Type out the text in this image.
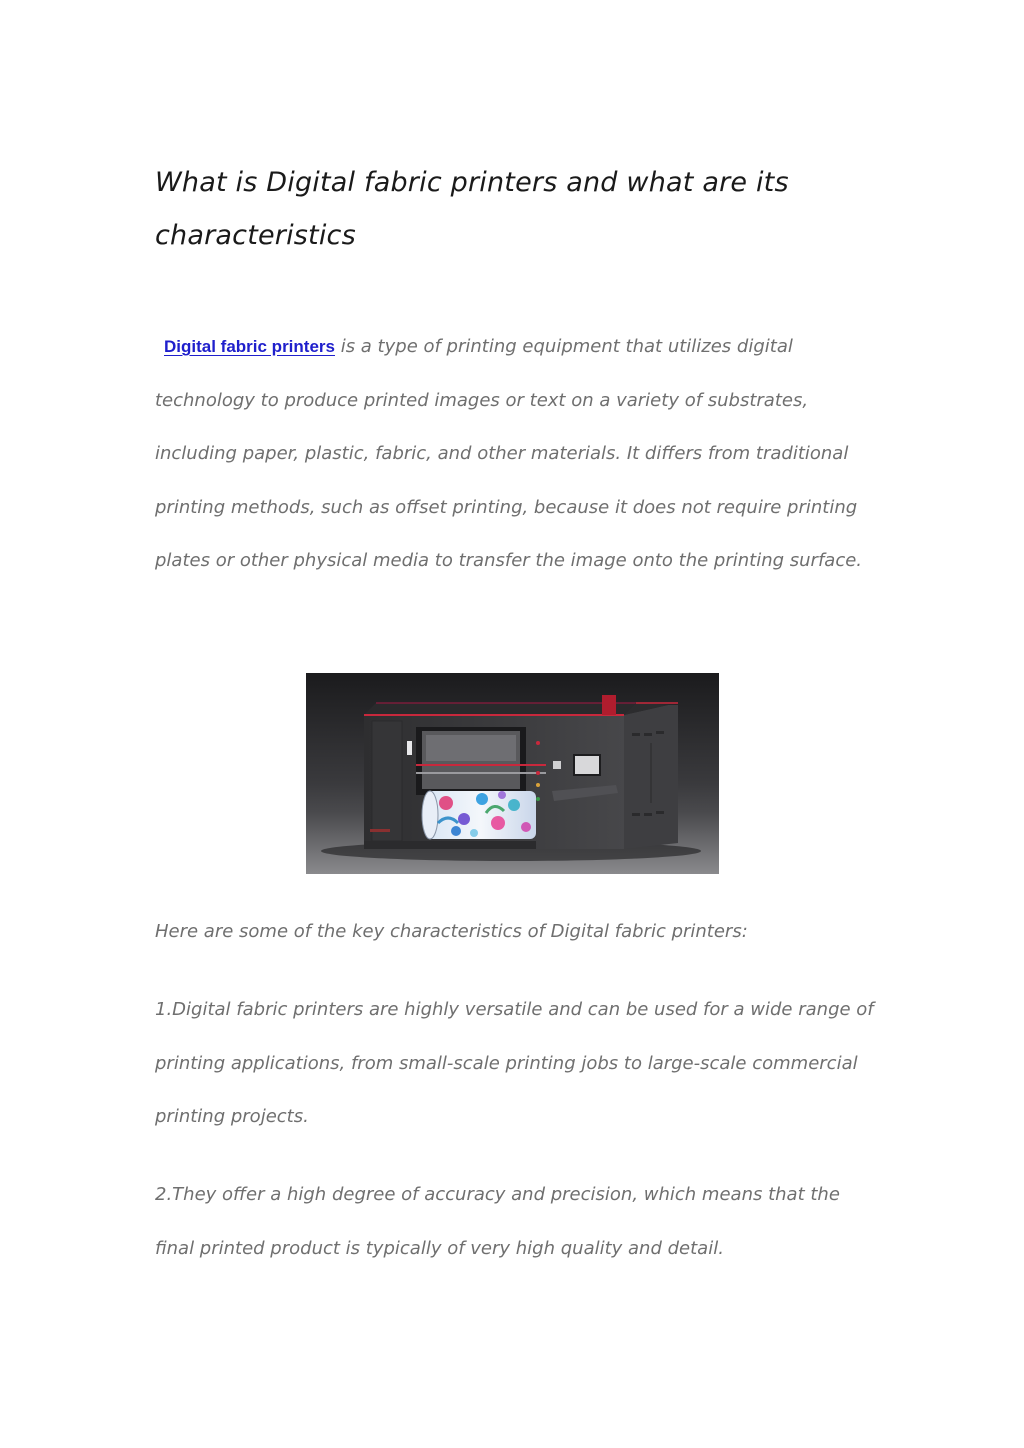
What is Digital fabric printers and what are its characteristics

Digital fabric printers is a type of printing equipment that utilizes digital technology to produce printed images or text on a variety of substrates, including paper, plastic, fabric, and other materials. It differs from traditional printing methods, such as offset printing, because it does not require printing plates or other physical media to transfer the image onto the printing surface.

Here are some of the key characteristics of Digital fabric printers:

1.Digital fabric printers are highly versatile and can be used for a wide range of printing applications, from small-scale printing jobs to large-scale commercial printing projects.

2.They offer a high degree of accuracy and precision, which means that the final printed product is typically of very high quality and detail.
